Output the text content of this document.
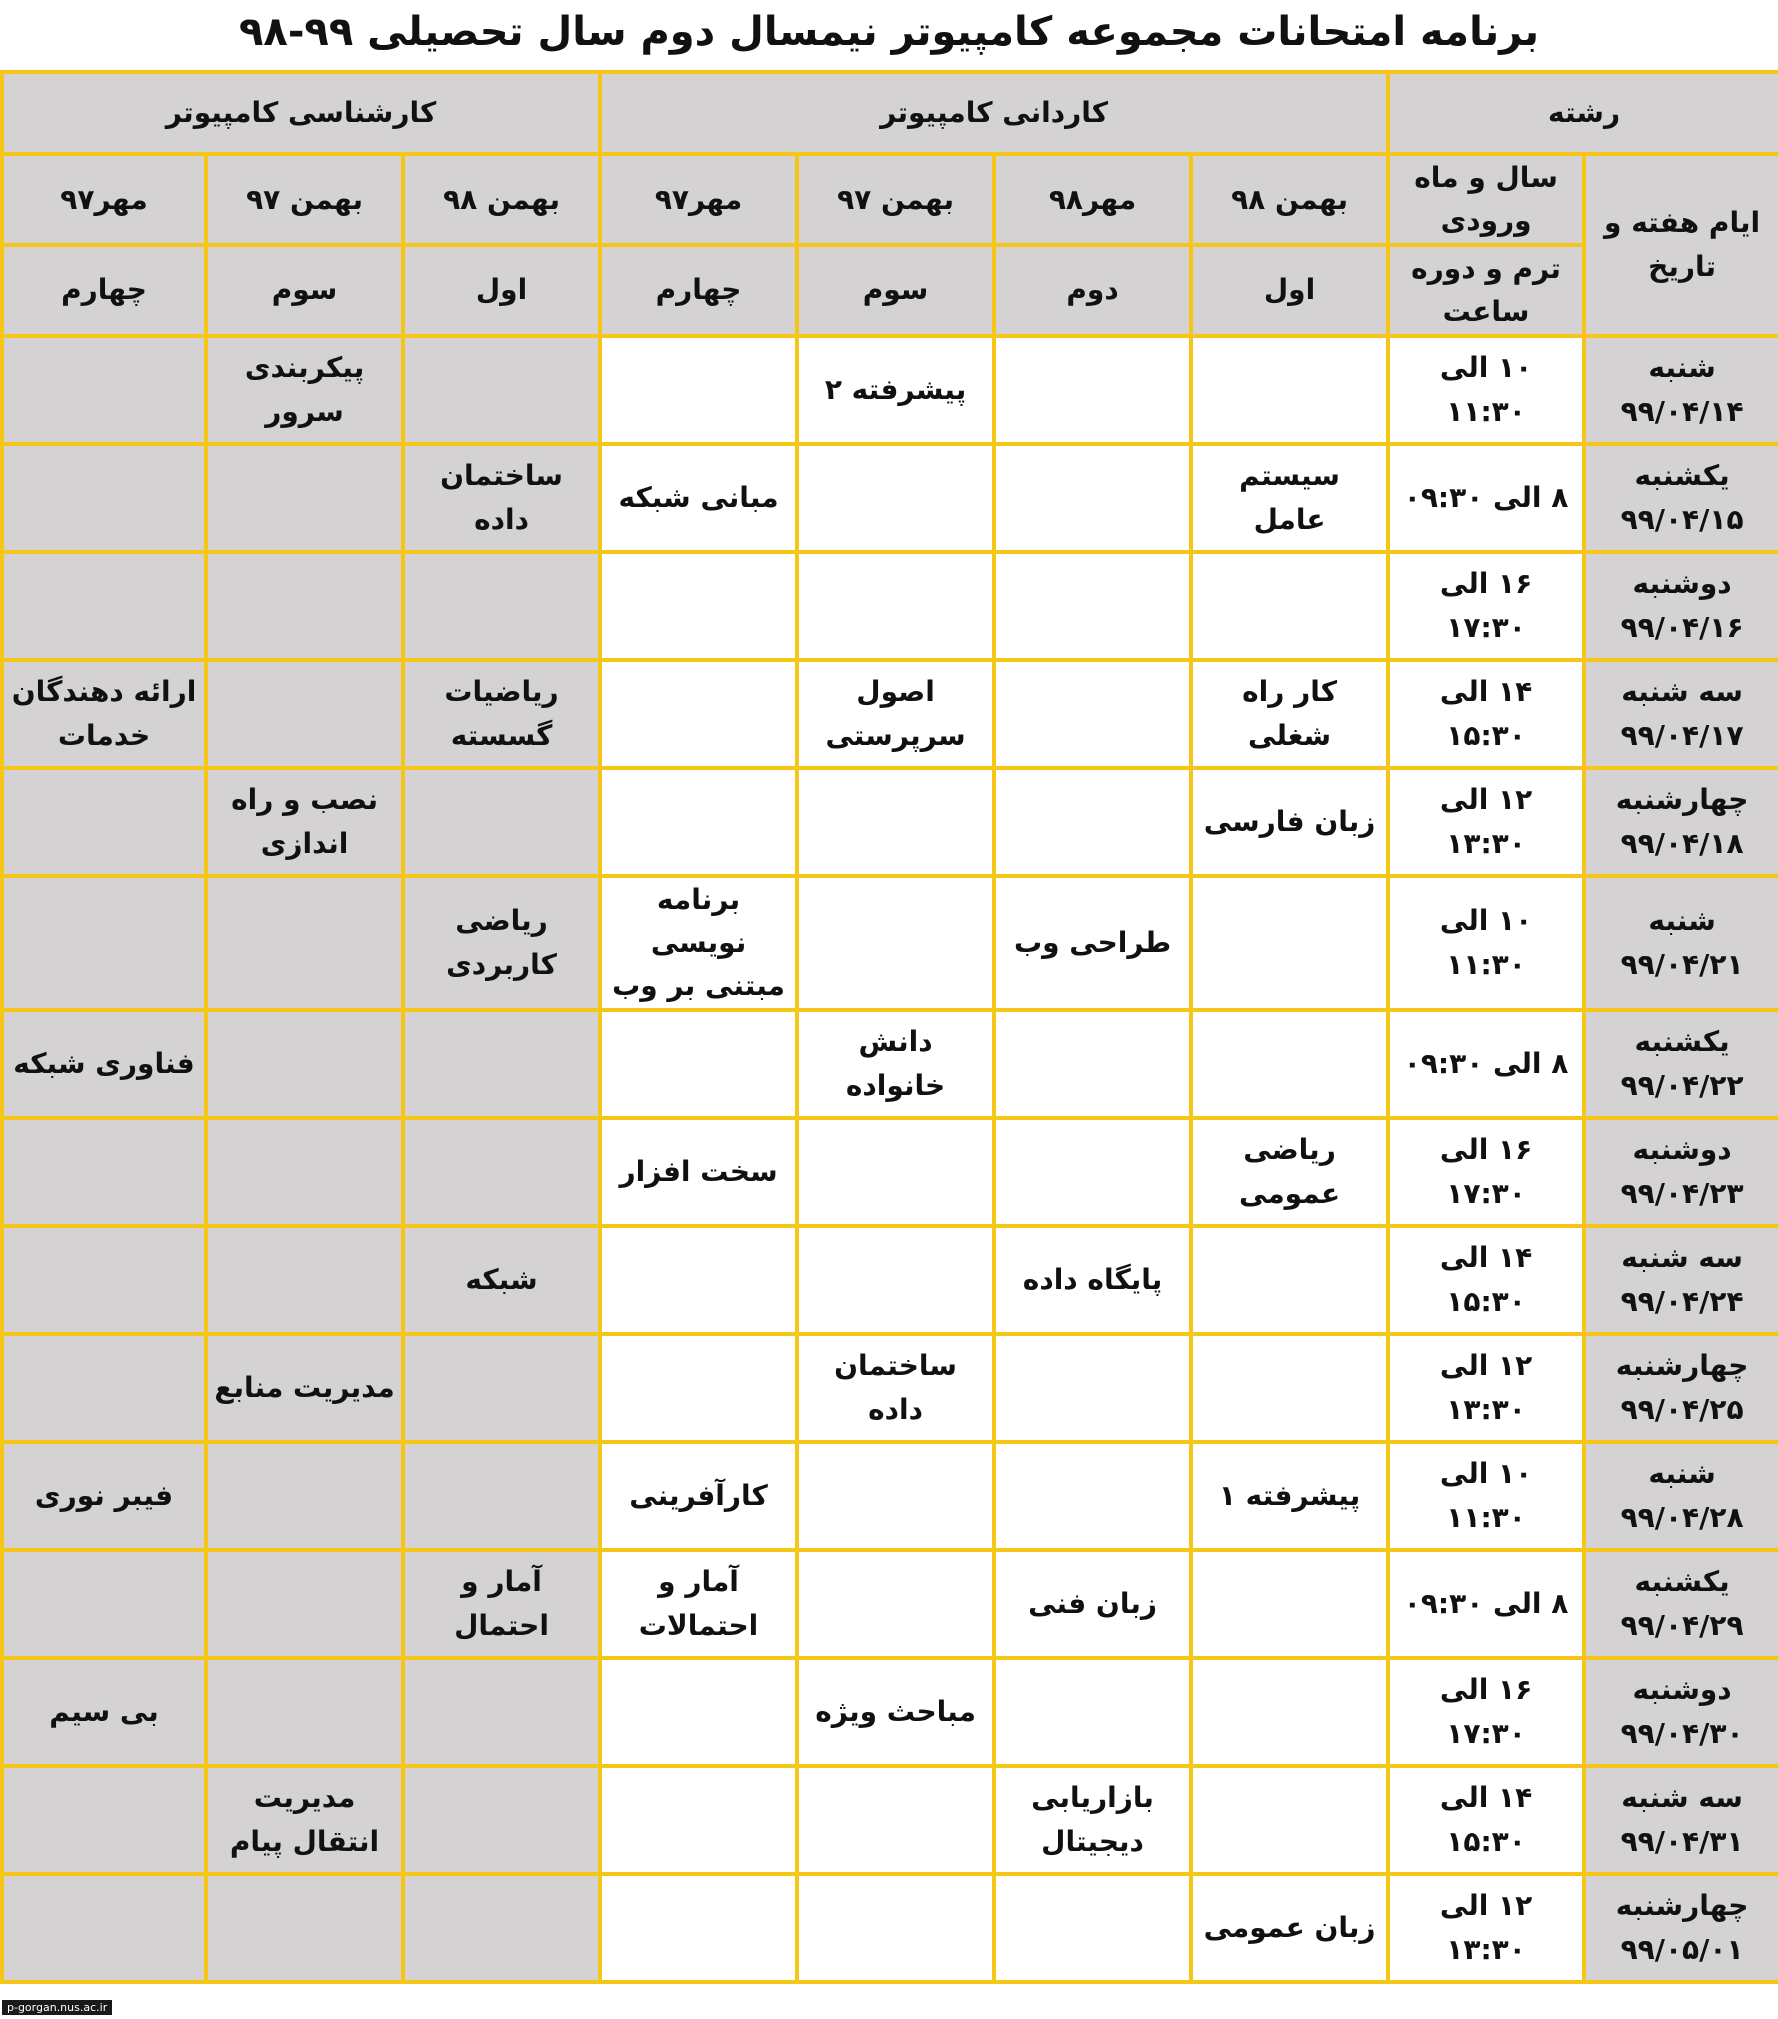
برنامه امتحانات مجموعه کامپیوتر نیمسال دوم سال تحصیلی ۹۹-۹۸
رشته		کاردانی کامپیوتر				کارشناسی کامپیوتر		
ایام هفته و تاریخ	سال و ماه ورودی	بهمن ۹۸	مهر۹۸	بهمن ۹۷	مهر۹۷	بهمن ۹۸	بهمن ۹۷	مهر۹۷

	ترم و دوره
ساعت	اول	دوم	سوم	چهارم	اول	سوم	چهارم

شنبه
۹۹/۰۴/۱۴	۱۰ الی ۱۱:۳۰			پیشرفته ۲			پیکربندی سرور	

یکشنبه
۹۹/۰۴/۱۵	۸ الی ۰۹:۳۰	سیستم عامل			مبانی شبکه	ساختمان داده		

دوشنبه
۹۹/۰۴/۱۶	۱۶ الی ۱۷:۳۰							

سه شنبه
۹۹/۰۴/۱۷	۱۴ الی ۱۵:۳۰	کار راه شغلی		اصول سرپرستی		ریاضیات گسسته		ارائه دهندگان خدمات

چهارشنبه
۹۹/۰۴/۱۸	۱۲ الی ۱۳:۳۰	زبان فارسی					نصب و راه اندازی	

شنبه
۹۹/۰۴/۲۱	۱۰ الی ۱۱:۳۰		طراحی وب		برنامه نویسی مبتنی بر وب	ریاضی کاربردی		

یکشنبه
۹۹/۰۴/۲۲	۸ الی ۰۹:۳۰			دانش خانواده				فناوری شبکه

دوشنبه
۹۹/۰۴/۲۳	۱۶ الی ۱۷:۳۰	ریاضی عمومی			سخت افزار			

سه شنبه
۹۹/۰۴/۲۴	۱۴ الی ۱۵:۳۰		پایگاه داده			شبکه		

چهارشنبه
۹۹/۰۴/۲۵	۱۲ الی ۱۳:۳۰			ساختمان داده			مدیریت منابع	

شنبه
۹۹/۰۴/۲۸	۱۰ الی ۱۱:۳۰	پیشرفته ۱			کارآفرینی			فیبر نوری

یکشنبه
۹۹/۰۴/۲۹	۸ الی ۰۹:۳۰		زبان فنی		آمار و احتمالات	آمار و احتمال		

دوشنبه
۹۹/۰۴/۳۰	۱۶ الی ۱۷:۳۰			مباحث ویژه				بی سیم

سه شنبه
۹۹/۰۴/۳۱	۱۴ الی ۱۵:۳۰		بازاریابی دیجیتال				مدیریت انتقال پیام	

چهارشنبه
۹۹/۰۵/۰۱	۱۲ الی ۱۳:۳۰	زبان عمومی						
p-gorgan.nus.ac.ir
